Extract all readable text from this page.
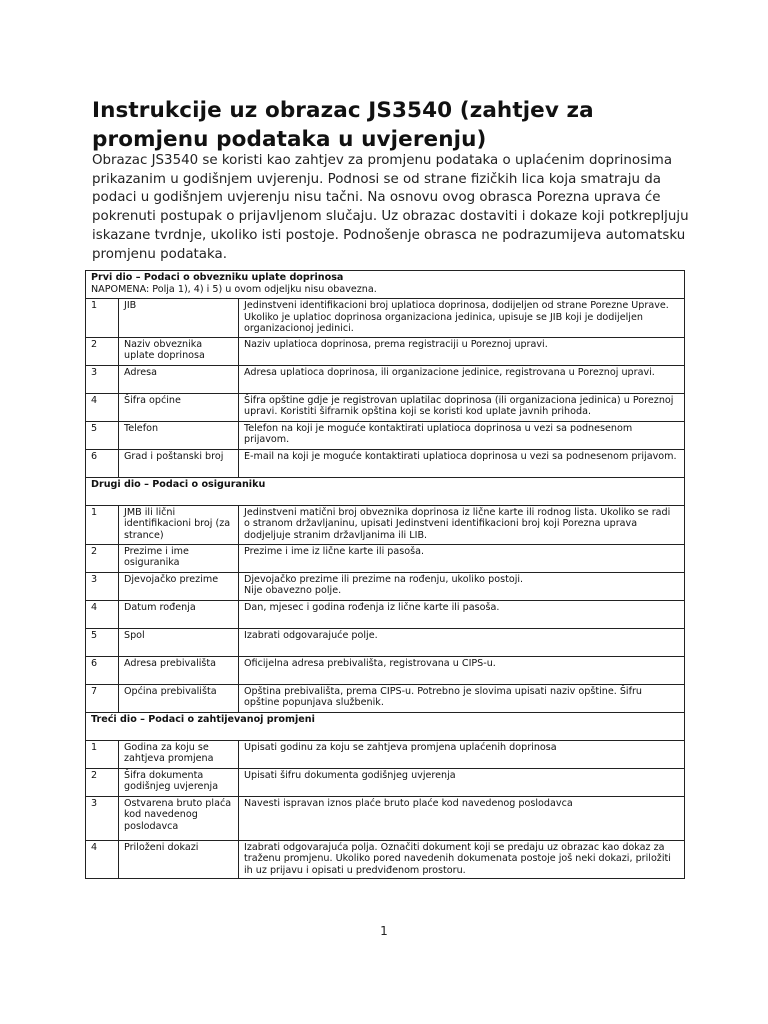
Instrukcije uz obrazac JS3540 (zahtjev za promjenu podataka u uvjerenju)

Obrazac JS3540 se koristi kao zahtjev za promjenu podataka o uplaćenim doprinosima prikazanim u godišnjem uvjerenju. Podnosi se od strane fizičkih lica koja smatraju da podaci u godišnjem uvjerenju nisu tačni. Na osnovu ovog obrasca Porezna uprava će pokrenuti postupak o prijavljenom slučaju. Uz obrazac dostaviti i dokaze koji potkrepljuju iskazane tvrdnje, ukoliko isti postoje. Podnošenje obrasca ne podrazumijeva automatsku promjenu podataka.

Prvi dio – Podaci o obvezniku uplate doprinosa
NAPOMENA: Polja 1), 4) i 5) u ovom odjeljku nisu obavezna.		

1	JIB	Jedinstveni identifikacioni broj uplatioca doprinosa, dodijeljen od strane Porezne Uprave. Ukoliko je uplatioc doprinosa organizaciona jedinica, upisuje se JIB koji je dodijeljen organizacionoj jedinici.
2	Naziv obveznika uplate doprinosa	Naziv uplatioca doprinosa, prema registraciji u Poreznoj upravi.
3	Adresa	Adresa uplatioca doprinosa, ili organizacione jedinice, registrovana u Poreznoj upravi.
4	Šifra općine	Šifra opštine gdje je registrovan uplatilac doprinosa (ili organizaciona jedinica) u Poreznoj upravi. Koristiti šifrarnik opština koji se koristi kod uplate javnih prihoda.
5	Telefon	Telefon na koji je moguće kontaktirati uplatioca doprinosa u vezi sa podnesenom prijavom.
6	Grad i poštanski broj	E-mail na koji je moguće kontaktirati uplatioca doprinosa u vezi sa podnesenom prijavom.
Drugi dio – Podaci o osiguraniku		
1	JMB ili lični identifikacioni broj (za strance)	Jedinstveni matični broj obveznika doprinosa iz lične karte ili rodnog lista. Ukoliko se radi o stranom državljaninu, upisati Jedinstveni identifikacioni broj koji Porezna uprava dodjeljuje stranim državljanima ili LIB.
2	Prezime i ime osiguranika	Prezime i ime iz lične karte ili pasoša.
3	Djevojačko prezime	Djevojačko prezime ili prezime na rođenju, ukoliko postoji.
Nije obavezno polje.
4	Datum rođenja	Dan, mjesec i godina rođenja iz lične karte ili pasoša.
5	Spol	Izabrati odgovarajuće polje.
6	Adresa prebivališta	Oficijelna adresa prebivališta, registrovana u CIPS-u.
7	Općina prebivališta	Opština prebivališta, prema CIPS-u. Potrebno je slovima upisati naziv opštine. Šifru opštine popunjava službenik.
Treći dio – Podaci o zahtijevanoj promjeni		
1	Godina za koju se zahtjeva promjena	Upisati godinu za koju se zahtjeva promjena uplaćenih doprinosa
2	Šifra dokumenta godišnjeg uvjerenja	Upisati šifru dokumenta godišnjeg uvjerenja
3	Ostvarena bruto plaća kod navedenog poslodavca	Navesti ispravan iznos plaće bruto plaće kod navedenog poslodavca
4	Priloženi dokazi	Izabrati odgovarajuća polja. Označiti dokument koji se predaju uz obrazac kao dokaz za traženu promjenu. Ukoliko pored navedenih dokumenata postoje još neki dokazi, priložiti ih uz prijavu i opisati u predviđenom prostoru.
1
